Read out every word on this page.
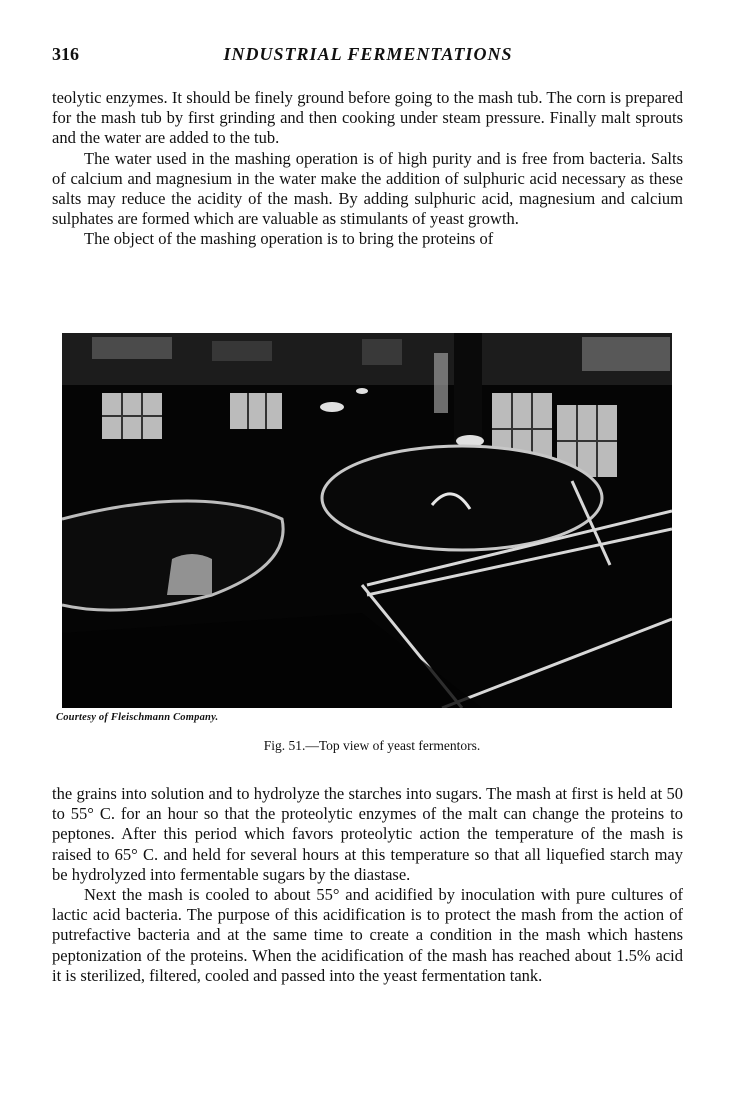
316	INDUSTRIAL FERMENTATIONS

teolytic enzymes. It should be finely ground before going to the mash tub. The corn is prepared for the mash tub by first grinding and then cooking under steam pressure. Finally malt sprouts and the water are added to the tub.

The water used in the mashing operation is of high purity and is free from bacteria. Salts of calcium and magnesium in the water make the addition of sulphuric acid necessary as these salts may reduce the acidity of the mash. By adding sulphuric acid, magnesium and calcium sulphates are formed which are valuable as stimulants of yeast growth.

The object of the mashing operation is to bring the proteins of

Courtesy of Fleischmann Company.
Fig. 51.—Top view of yeast fermentors.

the grains into solution and to hydrolyze the starches into sugars. The mash at first is held at 50 to 55° C. for an hour so that the proteolytic enzymes of the malt can change the proteins to peptones. After this period which favors proteolytic action the temperature of the mash is raised to 65° C. and held for several hours at this temperature so that all liquefied starch may be hydrolyzed into fermentable sugars by the diastase.

Next the mash is cooled to about 55° and acidified by inoculation with pure cultures of lactic acid bacteria. The purpose of this acidification is to protect the mash from the action of putrefactive bacteria and at the same time to create a condition in the mash which hastens peptonization of the proteins. When the acidification of the mash has reached about 1.5% acid it is sterilized, filtered, cooled and passed into the yeast fermentation tank.
